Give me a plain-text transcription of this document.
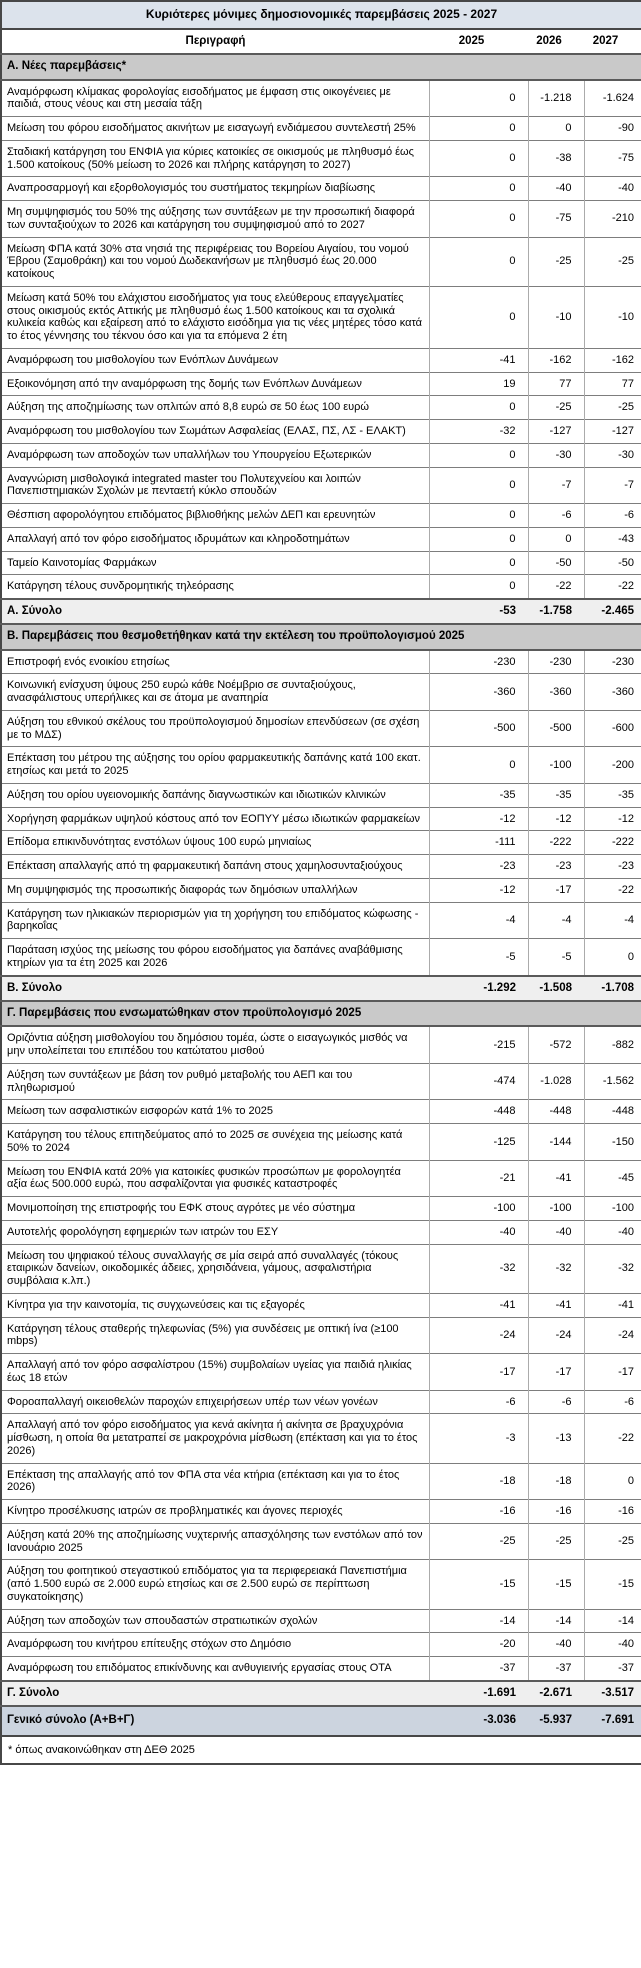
Κυριότερες μόνιμες δημοσιονομικές παρεμβάσεις 2025 - 2027			
Περιγραφή	2025	2026	2027
Α. Νέες παρεμβάσεις*			
Αναμόρφωση κλίμακας φορολογίας εισοδήματος με έμφαση στις οικογένειες με παιδιά, στους νέους και στη μεσαία τάξη	0	-1.218	-1.624
Μείωση του φόρου εισοδήματος ακινήτων με εισαγωγή ενδιάμεσου συντελεστή 25%	0	0	-90
Σταδιακή κατάργηση του ΕΝΦΙΑ για κύριες κατοικίες σε οικισμούς με πληθυσμό έως 1.500 κατοίκους (50% μείωση το 2026 και πλήρης κατάργηση το 2027)	0	-38	-75
Αναπροσαρμογή και εξορθολογισμός του συστήματος τεκμηρίων διαβίωσης	0	-40	-40
Μη συμψηφισμός του 50% της αύξησης των συντάξεων με την προσωπική διαφορά των συνταξιούχων το 2026 και κατάργηση του συμψηφισμού από το 2027	0	-75	-210
Μείωση ΦΠΑ κατά 30% στα νησιά της περιφέρειας του Βορείου Αιγαίου, του νομού Έβρου (Σαμοθράκη) και του νομού Δωδεκανήσων με πληθυσμό έως 20.000 κατοίκους	0	-25	-25
Μείωση κατά 50% του ελάχιστου εισοδήματος για τους ελεύθερους επαγγελματίες στους οικισμούς εκτός Αττικής με πληθυσμό έως 1.500 κατοίκους και τα σχολικά κυλικεία καθώς και εξαίρεση από το ελάχιστο εισόδημα για τις νέες μητέρες τόσο κατά το έτος γέννησης του τέκνου όσο και για τα επόμενα 2 έτη	0	-10	-10
Αναμόρφωση του μισθολογίου των Ενόπλων Δυνάμεων	-41	-162	-162
Εξοικονόμηση από την αναμόρφωση της δομής των Ενόπλων Δυνάμεων	19	77	77
Αύξηση της αποζημίωσης των οπλιτών από 8,8 ευρώ σε 50 έως 100 ευρώ	0	-25	-25
Αναμόρφωση του μισθολογίου των Σωμάτων Ασφαλείας (ΕΛΑΣ, ΠΣ, ΛΣ - ΕΛΑΚΤ)	-32	-127	-127
Αναμόρφωση των αποδοχών των υπαλλήλων του Υπουργείου Εξωτερικών	0	-30	-30
Αναγνώριση μισθολογικά integrated master του Πολυτεχνείου και λοιπών Πανεπιστημιακών Σχολών με πενταετή κύκλο σπουδών	0	-7	-7
Θέσπιση αφορολόγητου επιδόματος βιβλιοθήκης μελών ΔΕΠ και ερευνητών	0	-6	-6
Απαλλαγή από τον φόρο εισοδήματος ιδρυμάτων και κληροδοτημάτων	0	0	-43
Ταμείο Καινοτομίας Φαρμάκων	0	-50	-50
Κατάργηση τέλους συνδρομητικής τηλεόρασης	0	-22	-22
Α. Σύνολο	-53	-1.758	-2.465
Β. Παρεμβάσεις που θεσμοθετήθηκαν κατά την εκτέλεση του προϋπολογισμού 2025			
Επιστροφή ενός ενοικίου ετησίως	-230	-230	-230
Κοινωνική ενίσχυση ύψους 250 ευρώ κάθε Νοέμβριο σε συνταξιούχους, ανασφάλιστους υπερήλικες και σε άτομα με αναπηρία	-360	-360	-360
Αύξηση του εθνικού σκέλους του προϋπολογισμού δημοσίων επενδύσεων (σε σχέση με το ΜΔΣ)	-500	-500	-600
Επέκταση του μέτρου της αύξησης του ορίου φαρμακευτικής δαπάνης κατά 100 εκατ. ετησίως και μετά το 2025	0	-100	-200
Αύξηση του ορίου υγειονομικής δαπάνης διαγνωστικών και ιδιωτικών κλινικών	-35	-35	-35
Χορήγηση φαρμάκων υψηλού κόστους από τον ΕΟΠΥΥ μέσω ιδιωτικών φαρμακείων	-12	-12	-12
Επίδομα επικινδυνότητας ενστόλων ύψους 100 ευρώ μηνιαίως	-111	-222	-222
Επέκταση απαλλαγής από τη φαρμακευτική δαπάνη στους χαμηλοσυνταξιούχους	-23	-23	-23
Μη συμψηφισμός της προσωπικής διαφοράς των δημόσιων υπαλλήλων	-12	-17	-22
Κατάργηση των ηλικιακών περιορισμών για τη χορήγηση του επιδόματος κώφωσης - βαρηκοΐας	-4	-4	-4
Παράταση ισχύος της μείωσης του φόρου εισοδήματος για δαπάνες αναβάθμισης κτηρίων για τα έτη 2025 και 2026	-5	-5	0
Β. Σύνολο	-1.292	-1.508	-1.708
Γ. Παρεμβάσεις που ενσωματώθηκαν στον προϋπολογισμό 2025			
Οριζόντια αύξηση μισθολογίου του δημόσιου τομέα, ώστε ο εισαγωγικός μισθός να μην υπολείπεται του επιπέδου του κατώτατου μισθού	-215	-572	-882
Αύξηση των συντάξεων με βάση τον ρυθμό μεταβολής του ΑΕΠ και του πληθωρισμού	-474	-1.028	-1.562
Μείωση των ασφαλιστικών εισφορών κατά 1% το 2025	-448	-448	-448
Κατάργηση του τέλους επιτηδεύματος από το 2025 σε συνέχεια της μείωσης κατά 50% το 2024	-125	-144	-150
Μείωση του ΕΝΦΙΑ κατά 20% για κατοικίες φυσικών προσώπων με φορολογητέα αξία έως 500.000 ευρώ, που ασφαλίζονται για φυσικές καταστροφές	-21	-41	-45
Μονιμοποίηση της επιστροφής του ΕΦΚ στους αγρότες με νέο σύστημα	-100	-100	-100
Αυτοτελής φορολόγηση εφημεριών των ιατρών του ΕΣΥ	-40	-40	-40
Μείωση του ψηφιακού τέλους συναλλαγής σε μία σειρά από συναλλαγές (τόκους εταιρικών δανείων, οικοδομικές άδειες, χρησιδάνεια, γάμους, ασφαλιστήρια συμβόλαια κ.λπ.)	-32	-32	-32
Κίνητρα για την καινοτομία, τις συγχωνεύσεις και τις εξαγορές	-41	-41	-41
Κατάργηση τέλους σταθερής τηλεφωνίας (5%) για συνδέσεις με οπτική ίνα (≥100 mbps)	-24	-24	-24
Απαλλαγή από τον φόρο ασφαλίστρου (15%) συμβολαίων υγείας για παιδιά ηλικίας έως 18 ετών	-17	-17	-17
Φοροαπαλλαγή οικειοθελών παροχών επιχειρήσεων υπέρ των νέων γονέων	-6	-6	-6
Απαλλαγή από τον φόρο εισοδήματος για κενά ακίνητα ή ακίνητα σε βραχυχρόνια μίσθωση, η οποία θα μετατραπεί σε μακροχρόνια μίσθωση (επέκταση και για το έτος 2026)	-3	-13	-22
Επέκταση της απαλλαγής από τον ΦΠΑ στα νέα κτήρια (επέκταση και για το έτος 2026)	-18	-18	0
Κίνητρο προσέλκυσης ιατρών σε προβληματικές και άγονες περιοχές	-16	-16	-16
Αύξηση κατά 20% της αποζημίωσης νυχτερινής απασχόλησης των ενστόλων από τον Ιανουάριο 2025	-25	-25	-25
Αύξηση του φοιτητικού στεγαστικού επιδόματος για τα περιφερειακά Πανεπιστήμια (από 1.500 ευρώ σε 2.000 ευρώ ετησίως και σε 2.500 ευρώ σε περίπτωση συγκατοίκησης)	-15	-15	-15
Αύξηση των αποδοχών των σπουδαστών στρατιωτικών σχολών	-14	-14	-14
Αναμόρφωση του κινήτρου επίτευξης στόχων στο Δημόσιο	-20	-40	-40
Αναμόρφωση του επιδόματος επικίνδυνης και ανθυγιεινής εργασίας στους ΟΤΑ	-37	-37	-37
Γ. Σύνολο	-1.691	-2.671	-3.517
Γενικό σύνολο (Α+Β+Γ)	-3.036	-5.937	-7.691
* όπως ανακοινώθηκαν στη ΔΕΘ 2025			
